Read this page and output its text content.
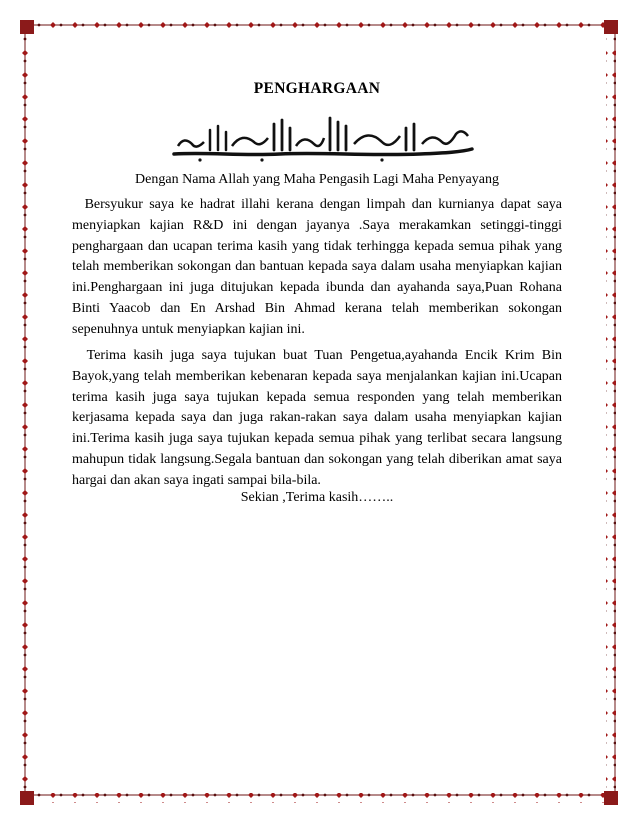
PENGHARGAAN
Dengan Nama Allah yang Maha Pengasih Lagi Maha Penyayang

Bersyukur saya ke hadrat illahi kerana dengan limpah dan kurnianya dapat saya menyiapkan kajian R&D ini dengan jayanya .Saya merakamkan setinggi-tinggi penghargaan dan ucapan terima kasih yang tidak terhingga kepada semua pihak yang telah memberikan sokongan dan bantuan kepada saya dalam usaha menyiapkan kajian ini.Penghargaan ini juga ditujukan kepada ibunda dan ayahanda saya,Puan Rohana Binti Yaacob dan En Arshad Bin Ahmad kerana telah memberikan sokongan sepenuhnya untuk menyiapkan kajian ini.

Terima kasih juga saya tujukan buat Tuan Pengetua,ayahanda Encik Krim Bin Bayok,yang telah memberikan kebenaran kepada saya menjalankan kajian ini.Ucapan terima kasih juga saya tujukan kepada semua responden yang telah memberikan kerjasama kepada saya dan juga rakan-rakan saya dalam usaha menyiapkan kajian ini.Terima kasih juga saya tujukan kepada semua pihak yang terlibat secara langsung mahupun tidak langsung.Segala bantuan dan sokongan yang telah diberikan amat saya hargai dan akan saya ingati sampai bila-bila.

Sekian ,Terima kasih……..
